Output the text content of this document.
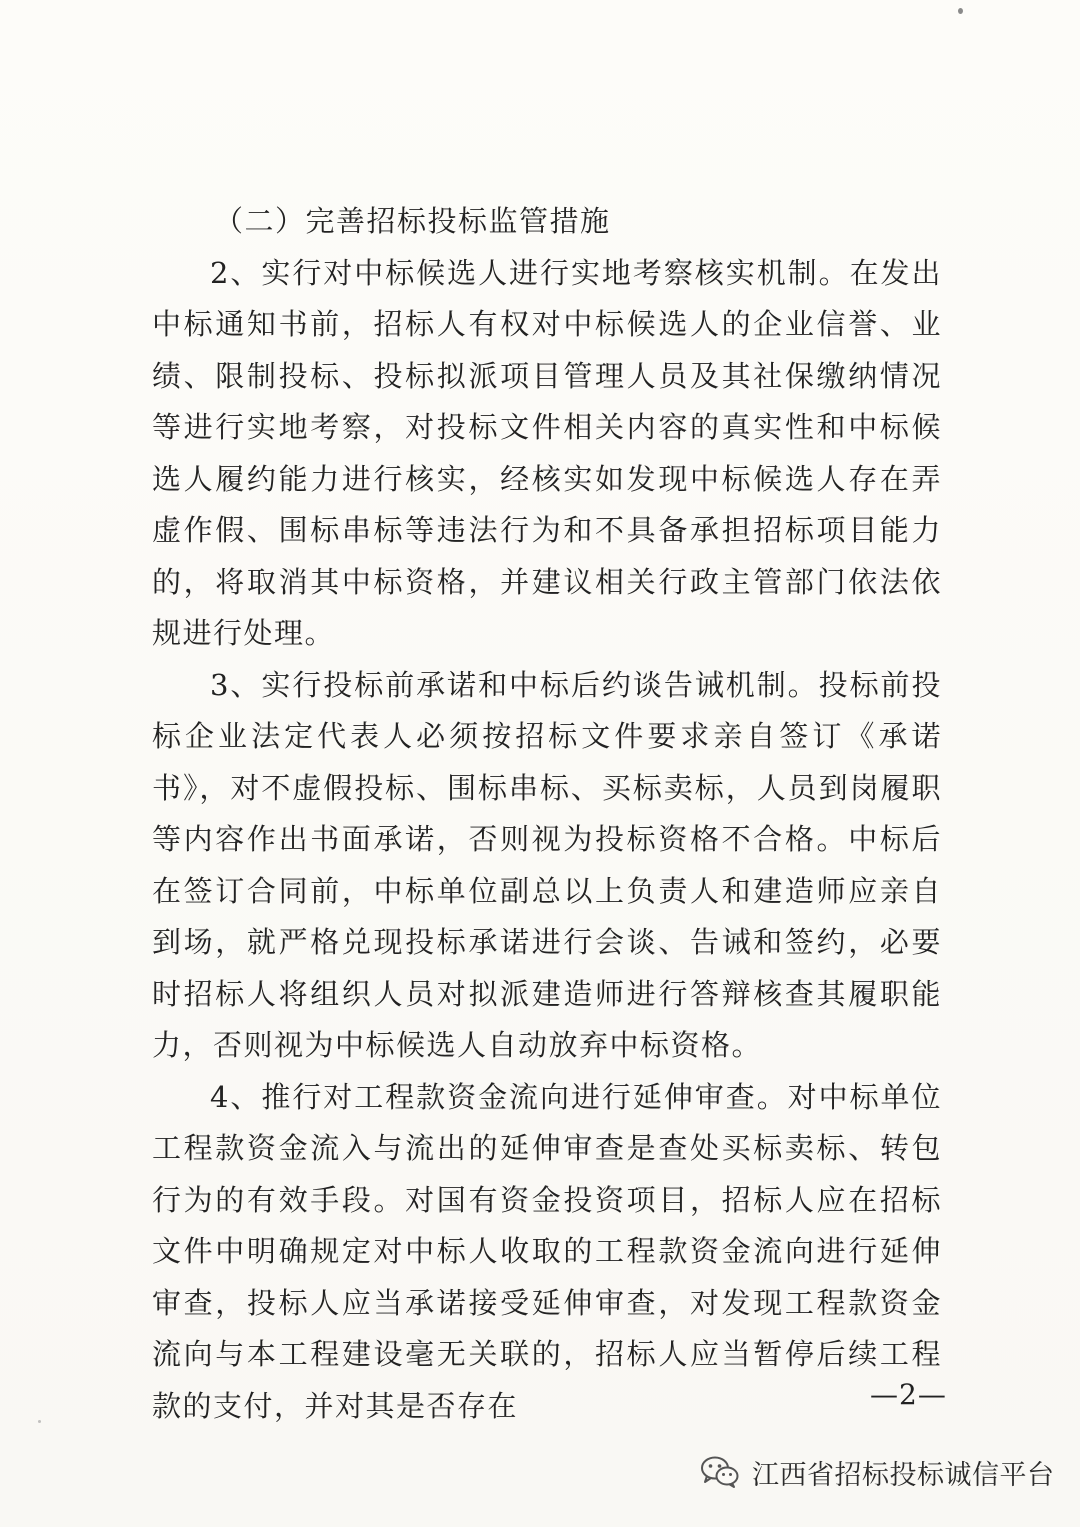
（二）完善招标投标监管措施

2、实行对中标候选人进行实地考察核实机制。在发出中标通知书前，招标人有权对中标候选人的企业信誉、业绩、限制投标、投标拟派项目管理人员及其社保缴纳情况等进行实地考察，对投标文件相关内容的真实性和中标候选人履约能力进行核实，经核实如发现中标候选人存在弄虚作假、围标串标等违法行为和不具备承担招标项目能力的，将取消其中标资格，并建议相关行政主管部门依法依规进行处理。

3、实行投标前承诺和中标后约谈告诫机制。投标前投标企业法定代表人必须按招标文件要求亲自签订《承诺书》，对不虚假投标、围标串标、买标卖标，人员到岗履职等内容作出书面承诺，否则视为投标资格不合格。中标后在签订合同前，中标单位副总以上负责人和建造师应亲自到场，就严格兑现投标承诺进行会谈、告诫和签约，必要时招标人将组织人员对拟派建造师进行答辩核查其履职能力，否则视为中标候选人自动放弃中标资格。

4、推行对工程款资金流向进行延伸审查。对中标单位工程款资金流入与流出的延伸审查是查处买标卖标、转包行为的有效手段。对国有资金投资项目，招标人应在招标文件中明确规定对中标人收取的工程款资金流向进行延伸审查，投标人应当承诺接受延伸审查，对发现工程款资金流向与本工程建设毫无关联的，招标人应当暂停后续工程款的支付，并对其是否存在	—2—
江西省招标投标诚信平台
